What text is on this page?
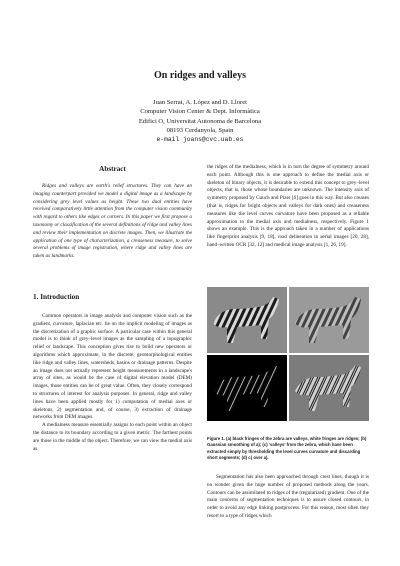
On ridges and valleys
Juan Serrat, A. López and D. Lloret
Computer Vision Center & Dept. Informàtica
Edifici O, Universitat Autonoma de Barcelona
08193 Cerdanyola, Spain
e-mail joans@cvc.uab.es
Abstract

Ridges and valleys are earth's relief structures. They can have an imaging counterpart provided we model a digital image as a landscape by considering grey level values as height. These two dual entities have received comparatively little attention from the computer vision community with regard to others like edges or corners. In this paper we first propose a taxonomy or classification of the several definitions of ridge and valley lines and review their implementation on discrete images. Then, we illustrate the application of one type of characterization, a creaseness measure, to solve several problems of image registration, where ridge and valley lines are taken as landmarks.

1. Introduction

Common operators in image analysis and computer vision such as the gradient, curvature, laplacian etc. lie on the implicit modeling of images as the discretization of a graphic surface. A particular case within this general model is to think of grey–level images as the sampling of a topographic relief or landscape. This conception gives rise to build new operators or algorithms which approximate, in the discrete, geomorphological entities like ridge and valley lines, watersheds, basins or drainage patterns. Despite an image does not actually represent height measurements in a landscape's array of sites, as would be the case of digital elevation model (DEM) images, those entities can be of great value. Often, they closely correspond to structures of interest for analysis purposes. In general, ridge and valley lines have been applied mostly for 1) computation of medial axes or skeletons, 2) segmentation and, of course, 3) extraction of drainage networks from DEM images.

A medialness measure essentially assigns to each point within an object the distance to its boundary according to a given metric. The farthest points are those in the middle of the object. Therefore, we can view the medial axis as

the ridges of the medialness, which is in turn the degree of symmetry around each point. Although this is one approach to define the medial axis or skeleton of binary objects, it is desirable to extend this concept to grey–level objects, that is, those whose boundaries are unknown. The intensity axis of symmetry proposed by Gauch and Pizer [6] goes in this way. But also creases (that is, ridges for bright objects and valleys for dark ones) and creaseness measures like the level curves curvature have been proposed as a reliable approximation to the medial axis and medialness, respectively. Figure 1 shows an example. This is the approach taken in a number of applications like fingerprint analysis [9, 18], road delineation in aerial images [20, 28], hand–written OCR [32, 12] and medical image analysis [1, 26, 19].

Figure 1. (a) black fringes of the zebra are valleys, white fringes are ridges; (b) Gaussian smoothing of a); (c) ‘valleys’ from the zebra, which have been extracted simply by thresholding the level curves curvature and discarding short segments; (d) c) over a).

Segmentation has also been approached through crest lines, though it is no wonder given the huge number of proposed methods along the years. Contours can be assimilated to ridges of the (regularized) gradient. One of the main concerns of segmentation techniques is to assure closed contours, in order to avoid any edge linking postprocess. For this reason, most often they resort to a type of ridges which
